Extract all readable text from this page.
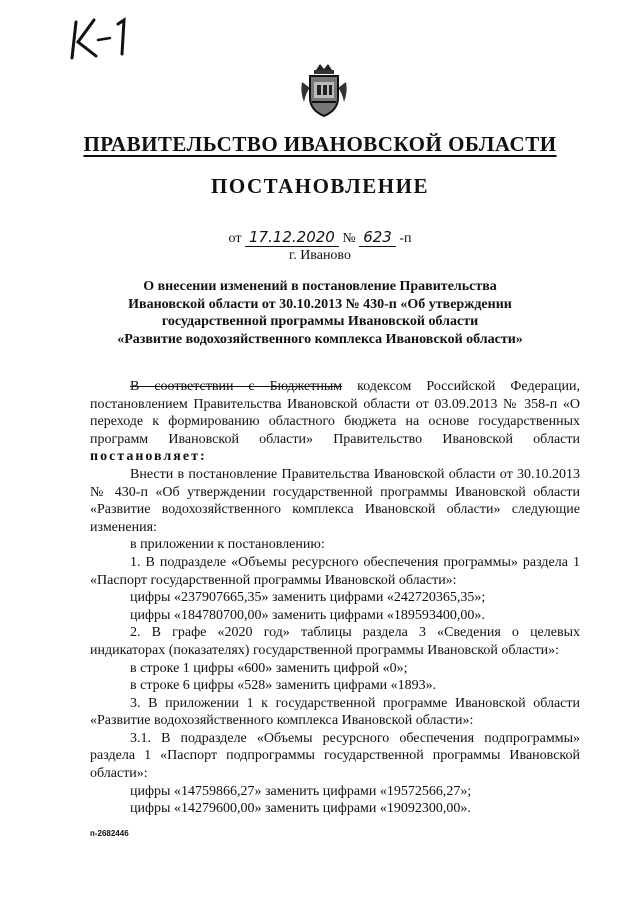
ПРАВИТЕЛЬСТВО ИВАНОВСКОЙ ОБЛАСТИ
ПОСТАНОВЛЕНИЕ
от 17.12.2020 № 623 -п
г. Иваново
О внесении изменений в постановление Правительства
Ивановской области от 30.10.2013 № 430-п «Об утверждении
государственной программы Ивановской области
«Развитие водохозяйственного комплекса Ивановской области»

В соответствии с Бюджетным кодексом Российской Федерации, постановлением Правительства Ивановской области от 03.09.2013 № 358-п «О переходе к формированию областного бюджета на основе государственных программ Ивановской области» Правительство Ивановской области постановляет:

Внести в постановление Правительства Ивановской области от 30.10.2013 № 430-п «Об утверждении государственной программы Ивановской области «Развитие водохозяйственного комплекса Ивановской области» следующие изменения:

в приложении к постановлению:

1. В подразделе «Объемы ресурсного обеспечения программы» раздела 1 «Паспорт государственной программы Ивановской области»:

цифры «237907665,35» заменить цифрами «242720365,35»;

цифры «184780700,00» заменить цифрами «189593400,00».

2. В графе «2020 год» таблицы раздела 3 «Сведения о целевых индикаторах (показателях) государственной программы Ивановской области»:

в строке 1 цифры «600» заменить цифрой «0»;

в строке 6 цифры «528» заменить цифрами «1893».

3. В приложении 1 к государственной программе Ивановской области «Развитие водохозяйственного комплекса Ивановской области»:

3.1. В подразделе «Объемы ресурсного обеспечения подпрограммы» раздела 1 «Паспорт подпрограммы государственной программы Ивановской области»:

цифры «14759866,27» заменить цифрами «19572566,27»;

цифры «14279600,00» заменить цифрами «19092300,00».

п-2682446
